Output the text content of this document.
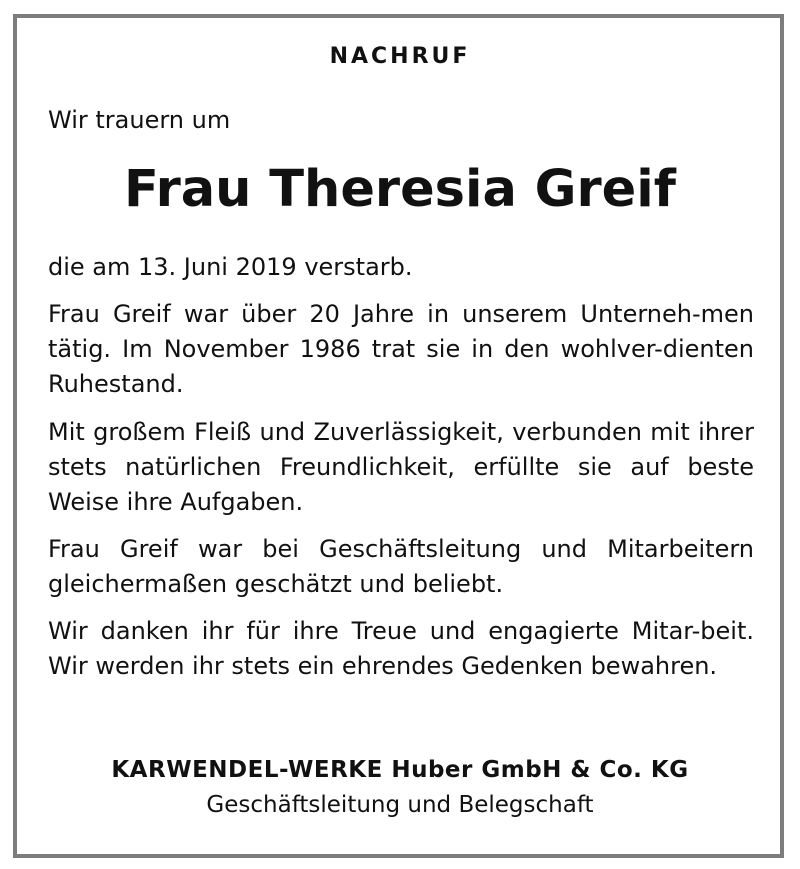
NACHRUF
Wir trauern um
Frau Theresia Greif
die am 13. Juni 2019 verstarb.
Frau Greif war über 20 Jahre in unserem Unterneh-men tätig. Im November 1986 trat sie in den wohlver-dienten Ruhestand.
Mit großem Fleiß und Zuverlässigkeit, verbunden mit ihrer stets natürlichen Freundlichkeit, erfüllte sie auf beste Weise ihre Aufgaben.
Frau Greif war bei Geschäftsleitung und Mitarbeitern gleichermaßen geschätzt und beliebt.
Wir danken ihr für ihre Treue und engagierte Mitar-beit. Wir werden ihr stets ein ehrendes Gedenken bewahren.
KARWENDEL-WERKE Huber GmbH & Co. KG
Geschäftsleitung und Belegschaft
